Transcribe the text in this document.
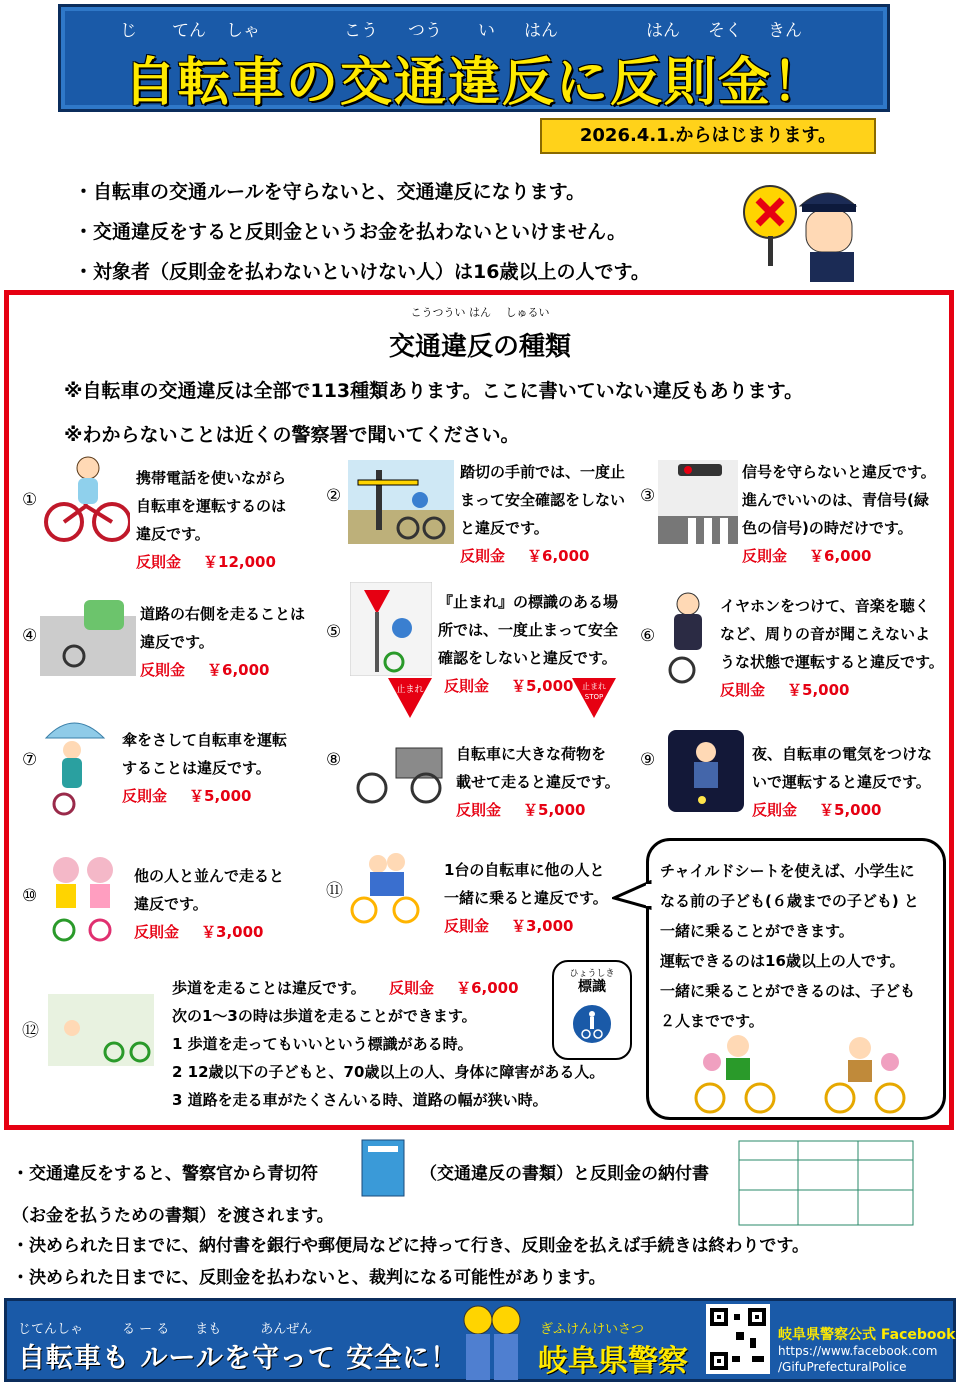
じ てん しゃ	こう つう い はん	はん そく きん
自転車の交通違反に反則金！
2026.4.1.からはじまります。
・自転車の交通ルールを守らないと、交通違反になります。
・交通違反をすると反則金というお金を払わないといけません。
・対象者（反則金を払わないといけない人）は16歳以上の人です。
こうつうい はん　 しゅるい
交通違反の種類
※自転車の交通違反は全部で113種類あります。ここに書いていない違反もあります。
※わからないことは近くの警察署で聞いてください。
①
携帯電話を使いながら
自転車を運転するのは
違反です。
反則金 ￥12,000
②
踏切の手前では、一度止
まって安全確認をしない
と違反です。
反則金 ￥6,000
③
信号を守らないと違反です。
進んでいいのは、青信号(緑
色の信号)の時だけです。
反則金 ￥6,000
④
道路の右側を走ることは
違反です。
反則金 ￥6,000
⑤
止まれ	止まれ
STOP
『止まれ』の標識のある場
所では、一度止まって安全
確認をしないと違反です。
反則金 ￥5,000
⑥
イヤホンをつけて、音楽を聴く
など、周りの音が聞こえないよ
うな状態で運転すると違反です。
反則金 ￥5,000
⑦
傘をさして自転車を運転
することは違反です。
反則金 ￥5,000
⑧	自転車に大きな荷物を
載せて走ると違反です。
反則金 ￥5,000
⑨	夜、自転車の電気をつけな
いで運転すると違反です。
反則金 ￥5,000
⑩
他の人と並んで走ると
違反です。
反則金 ￥3,000
⑪
1台の自転車に他の人と
一緒に乗ると違反です。
反則金 ￥3,000
チャイルドシートを使えば、小学生に
なる前の子ども(６歳までの子ども) と
一緒に乗ることができます。
運転できるのは16歳以上の人です。
一緒に乗ることができるのは、子ども
２人までです。
⑫
歩道を走ることは違反です。 反則金 ￥6,000
次の1～3の時は歩道を走ることができます。
1 歩道を走ってもいいという標識がある時。
2 12歳以下の子どもと、70歳以上の人、身体に障害がある人。
3 道路を走る車がたくさんいる時、道路の幅が狭い時。
ひょうしき
標識
・交通違反をすると、警察官から青切符	（交通違反の書類）と反則金の納付書
（お金を払うための書類）を渡されます。
・決められた日までに、納付書を銀行や郵便局などに持って行き、反則金を払えば手続きは終わりです。
・決められた日までに、反則金を払わないと、裁判になる可能性があります。
じてんしゃ　　　る ー る　　まも　　　あんぜん
自転車も ルールを守って 安全に！
ぎふけんけいさつ
岐阜県警察
岐阜県警察公式 Facebook
https://www.facebook.com
/GifuPrefecturalPolice
